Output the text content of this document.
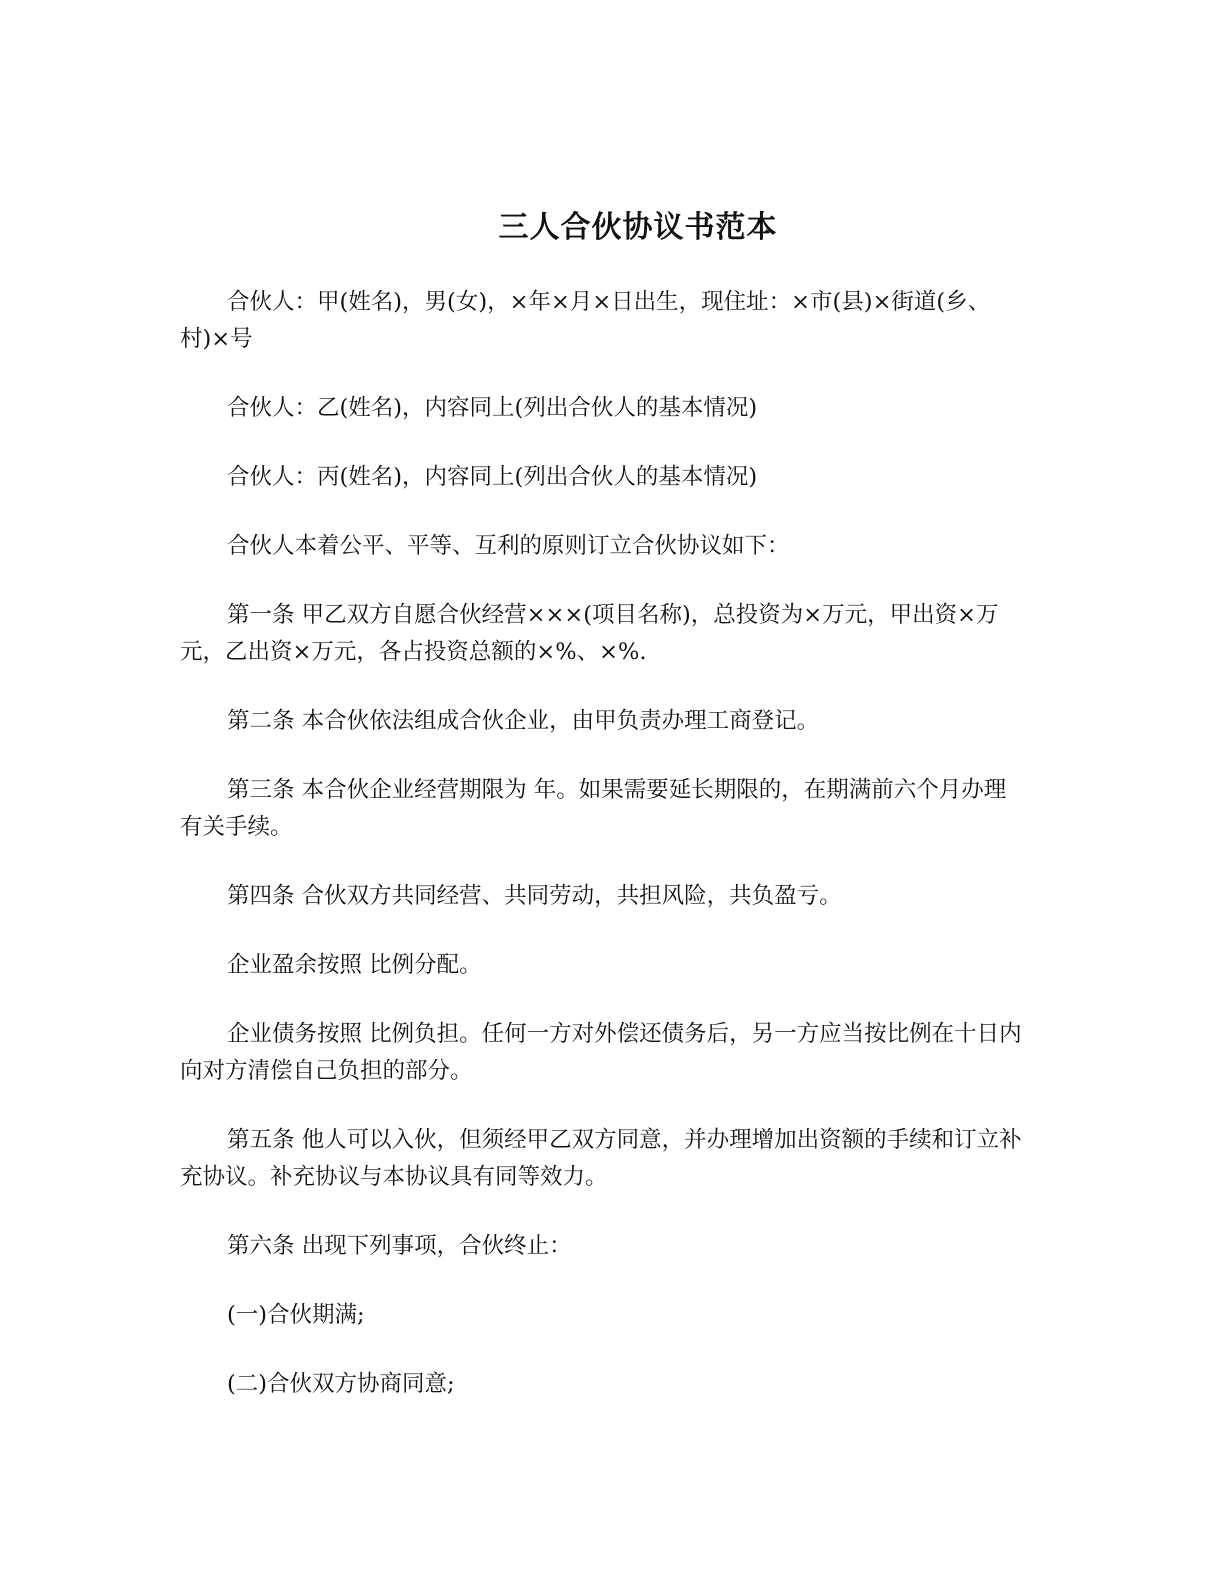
三人合伙协议书范本

合伙人：甲(姓名)，男(女)，×年×月×日出生，现住址：×市(县)×街道(乡、村)×号

合伙人：乙(姓名)，内容同上(列出合伙人的基本情况)

合伙人：丙(姓名)，内容同上(列出合伙人的基本情况)

合伙人本着公平、平等、互利的原则订立合伙协议如下：

第一条 甲乙双方自愿合伙经营×××(项目名称)，总投资为×万元，甲出资×万元，乙出资×万元，各占投资总额的×%、×%.

第二条 本合伙依法组成合伙企业，由甲负责办理工商登记。

第三条 本合伙企业经营期限为 年。如果需要延长期限的，在期满前六个月办理有关手续。

第四条 合伙双方共同经营、共同劳动，共担风险，共负盈亏。

企业盈余按照 比例分配。

企业债务按照 比例负担。任何一方对外偿还债务后，另一方应当按比例在十日内向对方清偿自己负担的部分。

第五条 他人可以入伙，但须经甲乙双方同意，并办理增加出资额的手续和订立补充协议。补充协议与本协议具有同等效力。

第六条 出现下列事项，合伙终止：

(一)合伙期满;

(二)合伙双方协商同意;
